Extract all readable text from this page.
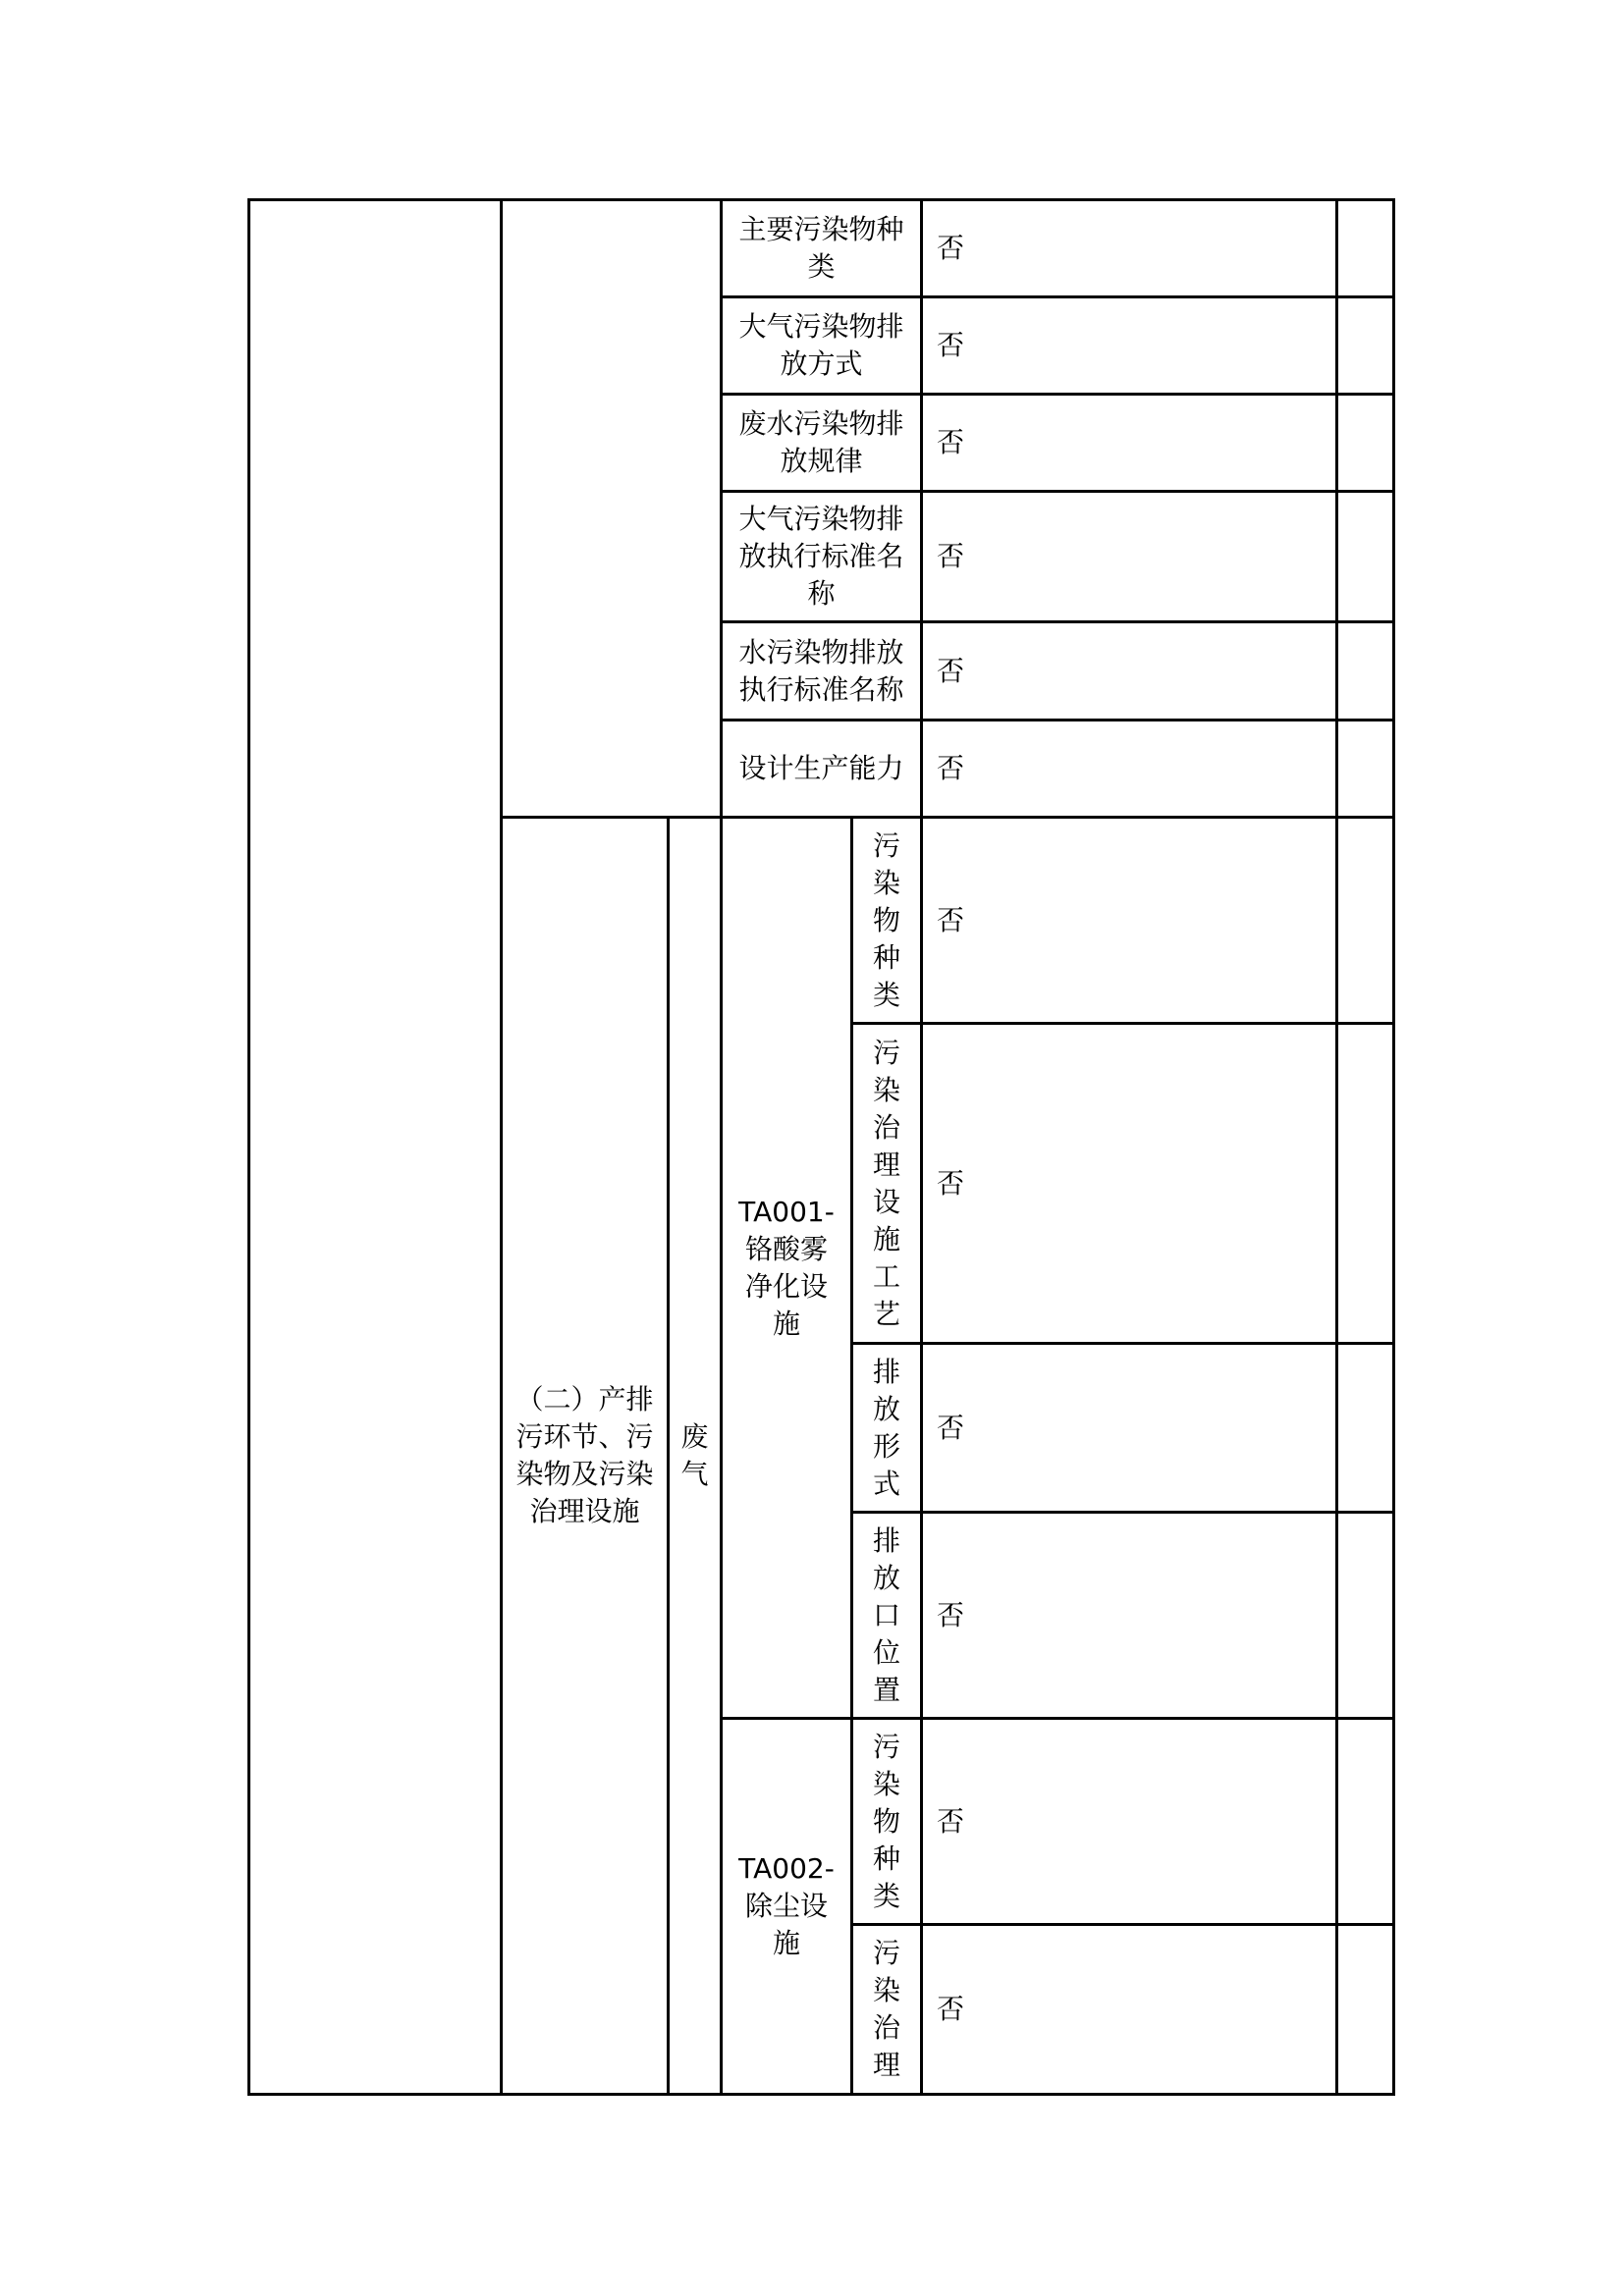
主要污染物种类
否
大气污染物排放方式
否
废水污染物排放规律
否
大气污染物排放执行标准名称
否
水污染物排放执行标准名称
否
设计生产能力	否
（二）产排污环节、污染物及污染治理设施
废气
TA001-铬酸雾净化设施
污染物种类
否
污染治理设施工艺
否
排放形式
否
排放口位置
否
TA002-除尘设施
污染物种类
否
污染治理
否
